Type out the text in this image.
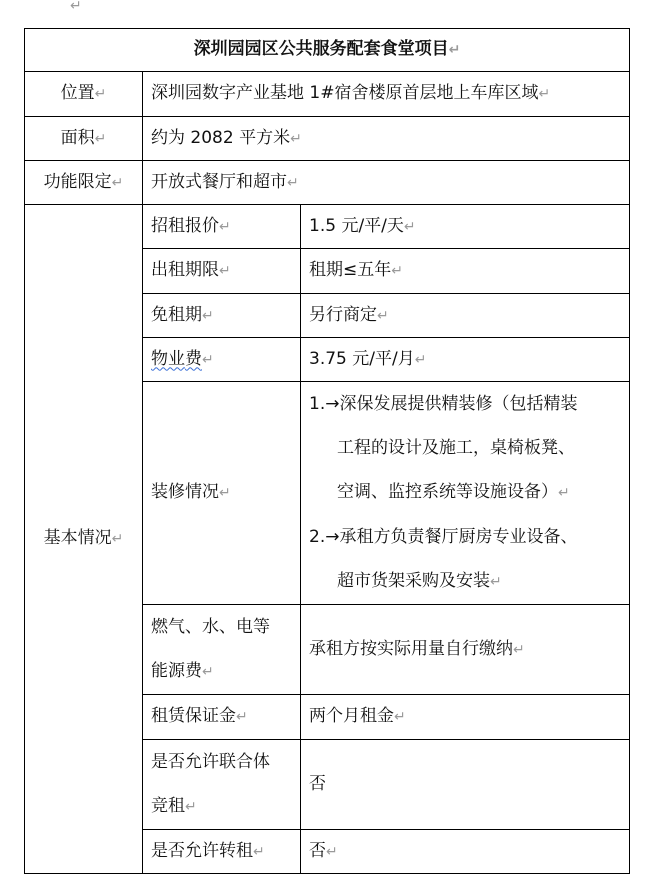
↵
深圳园园区公共服务配套食堂项目↵		
位置↵	深圳园数字产业基地 1#宿舍楼原首层地上车库区域↵	
面积↵	约为 2082 平方米↵	
功能限定↵	开放式餐厅和超市↵	
基本情况↵	招租报价↵	1.5 元/平/天↵
	出租期限↵	租期≤五年↵
	免租期↵	另行商定↵
	物业费↵	3.75 元/平/月↵
	装修情况↵	1.→深保发展提供精装修（包括精装

工程的设计及施工，桌椅板凳、

空调、监控系统等设施设备）↵

2.→承租方负责餐厅厨房专业设备、

超市货架采购及安装↵

	燃气、水、电等
能源费↵	承租方按实际用量自行缴纳↵
	租赁保证金↵	两个月租金↵
	是否允许联合体
竞租↵	否
	是否允许转租↵	否↵
